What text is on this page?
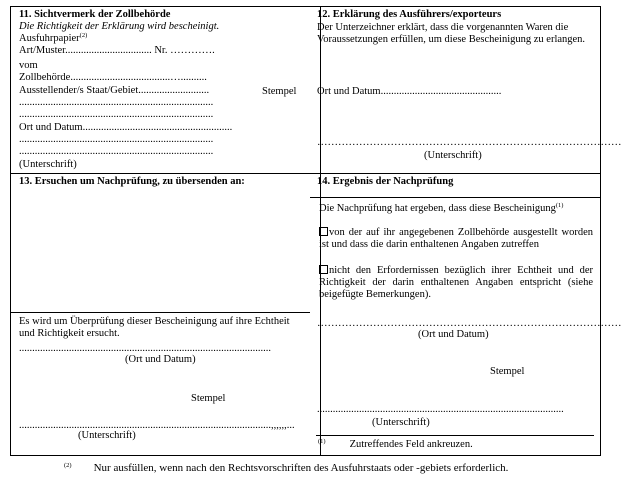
11. Sichtvermerk der Zollbehörde
Die Richtigkeit der Erklärung wird bescheinigt.
Ausfuhrpapier$^{(2)}$
Art/Muster................................. Nr. ………….
vom
Zollbehörde......................................…..........
Ausstellender/s Staat/Gebiet...........................	Stempel
..........................................................................
..........................................................................
Ort und Datum.........................................................
..........................................................................
..........................................................................
(Unterschrift)
12. Erklärung des Ausführers/exporteurs
Der Unterzeichner erklärt, dass die vorgenannten Waren die Voraussetzungen erfüllen, um diese Bescheinigung zu erlangen.
Ort und Datum..............................................
……………………………………………………………………………
(Unterschrift)
13. Ersuchen um Nachprüfung, zu übersenden an:
Es wird um Überprüfung dieser Bescheinigung auf ihre Echtheit und Richtigkeit ersucht.
................................................................................................
(Ort und Datum)
Stempel
................................................................................................,,,,,,...
(Unterschrift)
14. Ergebnis der Nachprüfung
Die Nachprüfung hat ergeben, dass diese Bescheinigung$^{(1)}$
von der auf ihr angegebenen Zollbehörde ausgestellt worden ist und dass die darin enthaltenen Angaben zutreffen
nicht den Erfordernissen bezüglich ihrer Echtheit und der Richtigkeit der darin enthaltenen Angaben entspricht (siehe beigefügte Bemerkungen).
……………………………………………………………………………
(Ort und Datum)
Stempel
..............................................................................................
(Unterschrift)
$^{(1)}$ Zutreffendes Feld ankreuzen.
$^{(2)}$ Nur ausfüllen, wenn nach den Rechtsvorschriften des Ausfuhrstaats oder -gebiets erforderlich.
